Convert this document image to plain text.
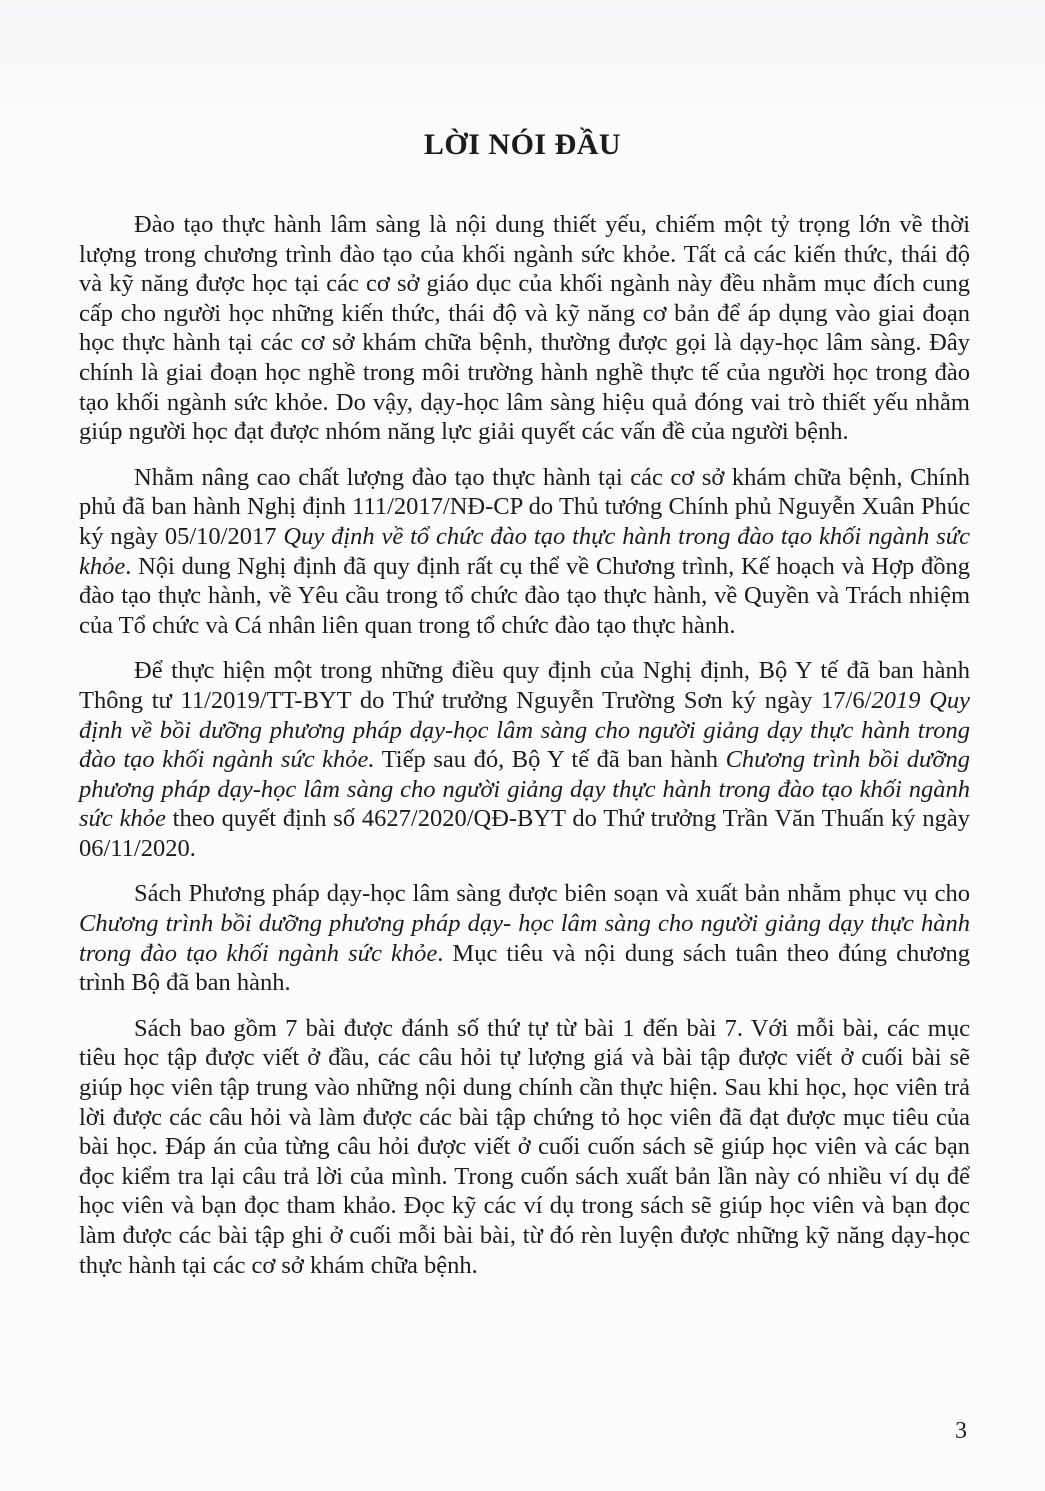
LỜI NÓI ĐẦU

Đào tạo thực hành lâm sàng là nội dung thiết yếu, chiếm một tỷ trọng lớn về thời lượng trong chương trình đào tạo của khối ngành sức khỏe. Tất cả các kiến thức, thái độ và kỹ năng được học tại các cơ sở giáo dục của khối ngành này đều nhằm mục đích cung cấp cho người học những kiến thức, thái độ và kỹ năng cơ bản để áp dụng vào giai đoạn học thực hành tại các cơ sở khám chữa bệnh, thường được gọi là dạy-học lâm sàng. Đây chính là giai đoạn học nghề trong môi trường hành nghề thực tế của người học trong đào tạo khối ngành sức khỏe. Do vậy, dạy-học lâm sàng hiệu quả đóng vai trò thiết yếu nhằm giúp người học đạt được nhóm năng lực giải quyết các vấn đề của người bệnh.

Nhằm nâng cao chất lượng đào tạo thực hành tại các cơ sở khám chữa bệnh, Chính phủ đã ban hành Nghị định 111/2017/NĐ-CP do Thủ tướng Chính phủ Nguyễn Xuân Phúc ký ngày 05/10/2017 Quy định về tổ chức đào tạo thực hành trong đào tạo khối ngành sức khỏe. Nội dung Nghị định đã quy định rất cụ thể về Chương trình, Kế hoạch và Hợp đồng đào tạo thực hành, về Yêu cầu trong tổ chức đào tạo thực hành, về Quyền và Trách nhiệm của Tổ chức và Cá nhân liên quan trong tổ chức đào tạo thực hành.

Để thực hiện một trong những điều quy định của Nghị định, Bộ Y tế đã ban hành Thông tư 11/2019/TT-BYT do Thứ trưởng Nguyễn Trường Sơn ký ngày 17/6/2019 Quy định về bồi dưỡng phương pháp dạy-học lâm sàng cho người giảng dạy thực hành trong đào tạo khối ngành sức khỏe. Tiếp sau đó, Bộ Y tế đã ban hành Chương trình bồi dưỡng phương pháp dạy-học lâm sàng cho người giảng dạy thực hành trong đào tạo khối ngành sức khỏe theo quyết định số 4627/2020/QĐ-BYT do Thứ trưởng Trần Văn Thuấn ký ngày 06/11/2020.

Sách Phương pháp dạy-học lâm sàng được biên soạn và xuất bản nhằm phục vụ cho Chương trình bồi dưỡng phương pháp dạy- học lâm sàng cho người giảng dạy thực hành trong đào tạo khối ngành sức khỏe. Mục tiêu và nội dung sách tuân theo đúng chương trình Bộ đã ban hành.

Sách bao gồm 7 bài được đánh số thứ tự từ bài 1 đến bài 7. Với mỗi bài, các mục tiêu học tập được viết ở đầu, các câu hỏi tự lượng giá và bài tập được viết ở cuối bài sẽ giúp học viên tập trung vào những nội dung chính cần thực hiện. Sau khi học, học viên trả lời được các câu hỏi và làm được các bài tập chứng tỏ học viên đã đạt được mục tiêu của bài học. Đáp án của từng câu hỏi được viết ở cuối cuốn sách sẽ giúp học viên và các bạn đọc kiểm tra lại câu trả lời của mình. Trong cuốn sách xuất bản lần này có nhiều ví dụ để học viên và bạn đọc tham khảo. Đọc kỹ các ví dụ trong sách sẽ giúp học viên và bạn đọc làm được các bài tập ghi ở cuối mỗi bài bài, từ đó rèn luyện được những kỹ năng dạy-học thực hành tại các cơ sở khám chữa bệnh.

3
